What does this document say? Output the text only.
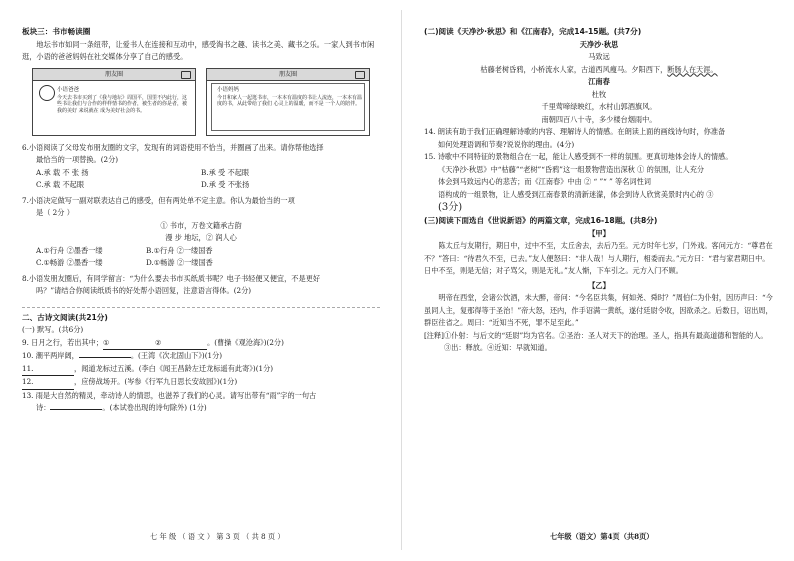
板块三：书市畅读圈

地坛书市如同一条纽带，让爱书人在连接和互动中，感受淘书之趣、读书之美、藏书之乐。一家人到书市闲逛，小语的爸爸妈妈在社交媒体分享了自己的感受。

朋友圈
小语爸爸
今天去书市买到了《我与地坛》周国平，国里不内此行，这些书让我们与合作的样样情书的作者，被生者的你是者，被我的美好 来说就在 成为美好社会的书。
朋友圈
小语妈妈
今日和家人一起逛书市，一本本有温度的书让人流连，一本本有温度的书，从此带给了我们 心灵上的温暖，而不是 一个人的陪伴。

6.小语阅读了父母发布朋友圈的文字，发现有的词语使用不恰当，并圈画了出来。请你帮他选择

最恰当的一项替换。(2分)

A.承 载 不 张 扬	B.承 受 不起眼
C.承 载 不起眼	D.承 受 不张扬

7.小语决定做写一副对联表达自己的感受，但有两处单不定主意。你认为最恰当的一项

是（ 2分 ）

① 书市，万卷文籍承古韵

漫 步 地坛，② 润人心

A.①行舟 ②墨香一缕	B.①行舟 ②一缕国香
C.①畅游 ②墨香一缕	D.①畅游 ②一缕国香

8.小语发朋友圈后，有同学留言：“为什么要去书市买纸质书呢？电子书轻便又便宜，不是更好

吗？”请结合你阅读纸质书的好处帮小语回复，注意语言得体。(2分)

二、古诗文阅读(共21分)

(一) 默写。(共6分)

9. 日月之行，若出其中；①	②	。(曹操《观沧海》)(2分)

10. 潮平两岸阔，	。(王湾《次北固山下》)(1分)

11.	，闻道龙标过五溪。(李白《闻王昌龄左迁龙标遥有此寄》)(1分)

12.	，应傍战场开。(岑参《行军九日思长安故园》)(1分)

13. 雨是大自然的精灵，牵动诗人的情思，也滋养了我们的心灵。请写出带有“雨”字的一句古

诗：	。(本试卷出现的诗句除外) (1分)

七 年 级 （ 语 文 ） 第 3 页 （ 共 8 页 ）

(二)阅读《天净沙·秋思》和《江南春》，完成14-15题。(共7分)

天净沙·秋思

马致远

枯藤老树昏鸦，小桥流水人家，古道西风瘦马。夕阳西下，断肠人在天涯。

江南春

杜牧

千里莺啼绿映红，水村山郭酒旗风。

南朝四百八十寺，多少楼台烟雨中。

14. 朗读有助于我们正确理解诗歌的内容、理解诗人的情感。在朗读上面的画线诗句时，你准备

如何处理语调和节奏?说说你的理由。(4分)

15. 诗歌中不同特征的景物组合在一起，能让人感受到不一样的氛围。更真切地体会诗人的情感。

《天净沙·秋思》中“枯藤”“老树”“昏鸦”这一组景物营造出深秋 ① 的氛围，让人充分

体会到马致远内心的悲苦；而《江南春》中由 ② “ ”“ ” 等名词性词

语构成的一组景物，让人感受到江南春景的清新迷濛，体会到诗人欣赏美景时内心的 ③

(3分)

(三)阅读下面选自《世说新语》的两篇文章，完成16-18题。(共8分)

【甲】

陈太丘与友期行，期日中，过中不至，太丘舍去，去后乃至。元方时年七岁，门外戏。客问元方：“尊君在不？”答曰：“待君久不至，已去。”友人便怒曰：“非人哉！与人期行，相委而去。”元方曰：“君与家君期日中。日中不至，则是无信；对子骂父，则是无礼。”友人惭，下车引之。元方入门不顾。

【乙】

明帝在西堂，会诸公饮酒，未大醉，帝问：“今名臣共集，何如尧、舜时？”周伯仁为仆射，因历声曰：“今虽同人主，复那得等于圣治！”帝大怒，还内，作手诏满一黄纸，遂付廷尉令收，因欲杀之。后数日，诏出周，群臣往省之。周曰：“近知当不死，罪不足至此。”

[注释] ①仆射：与后文的“廷尉”均为官名。②圣治：圣人对天下的治理。圣人，指具有最高道德和智能的人。③出：释放。④近知：早就知道。
七年级（语文）第4页（共8页）
